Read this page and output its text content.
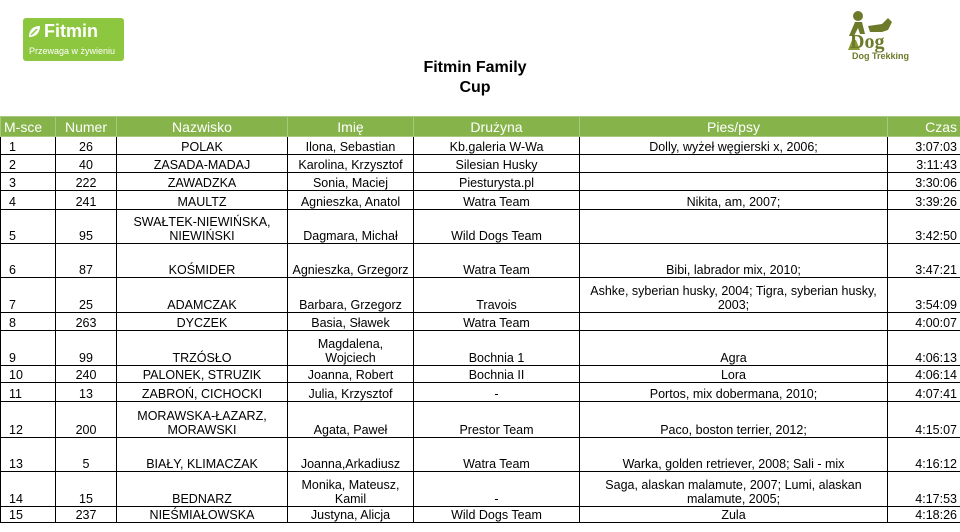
Fitmin
Przewaga w żywieniu	Dog
Dog Trekking
Fitmin Family
Cup
M-sce	Numer	Nazwisko	Imię	Drużyna	Pies/psy	Czas
1	26	POLAK	Ilona, Sebastian	Kb.galeria W-Wa	Dolly, wyżeł węgierski x, 2006;	3:07:03
2	40	ZASADA-MADAJ	Karolina, Krzysztof	Silesian Husky		3:11:43
3	222	ZAWADZKA	Sonia, Maciej	Piesturysta.pl		3:30:06
4	241	MAULTZ	Agnieszka, Anatol	Watra Team	Nikita, am, 2007;	3:39:26
5	95	SWAŁTEK-NIEWIŃSKA, NIEWIŃSKI	Dagmara, Michał	Wild Dogs Team		3:42:50
6	87	KOŚMIDER	Agnieszka, Grzegorz	Watra Team	Bibi, labrador mix, 2010;	3:47:21
7	25	ADAMCZAK	Barbara, Grzegorz	Travois	Ashke, syberian husky, 2004; Tigra, syberian husky, 2003;	3:54:09
8	263	DYCZEK	Basia, Sławek	Watra Team		4:00:07
9	99	TRZÓSŁO	Magdalena, Wojciech	Bochnia 1	Agra	4:06:13
10	240	PALONEK, STRUZIK	Joanna, Robert	Bochnia II	Lora	4:06:14
11	13	ZABROŃ, CICHOCKI	Julia, Krzysztof	-	Portos, mix dobermana, 2010;	4:07:41
12	200	MORAWSKA-ŁAZARZ, MORAWSKI	Agata, Paweł	Prestor Team	Paco, boston terrier, 2012;	4:15:07
13	5	BIAŁY, KLIMACZAK	Joanna,Arkadiusz	Watra Team	Warka, golden retriever, 2008; Sali - mix	4:16:12
14	15	BEDNARZ	Monika, Mateusz, Kamil	-	Saga, alaskan malamute, 2007; Lumi, alaskan malamute, 2005;	4:17:53
15	237	NIEŚMIAŁOWSKA	Justyna, Alicja	Wild Dogs Team	Zula	4:18:26
